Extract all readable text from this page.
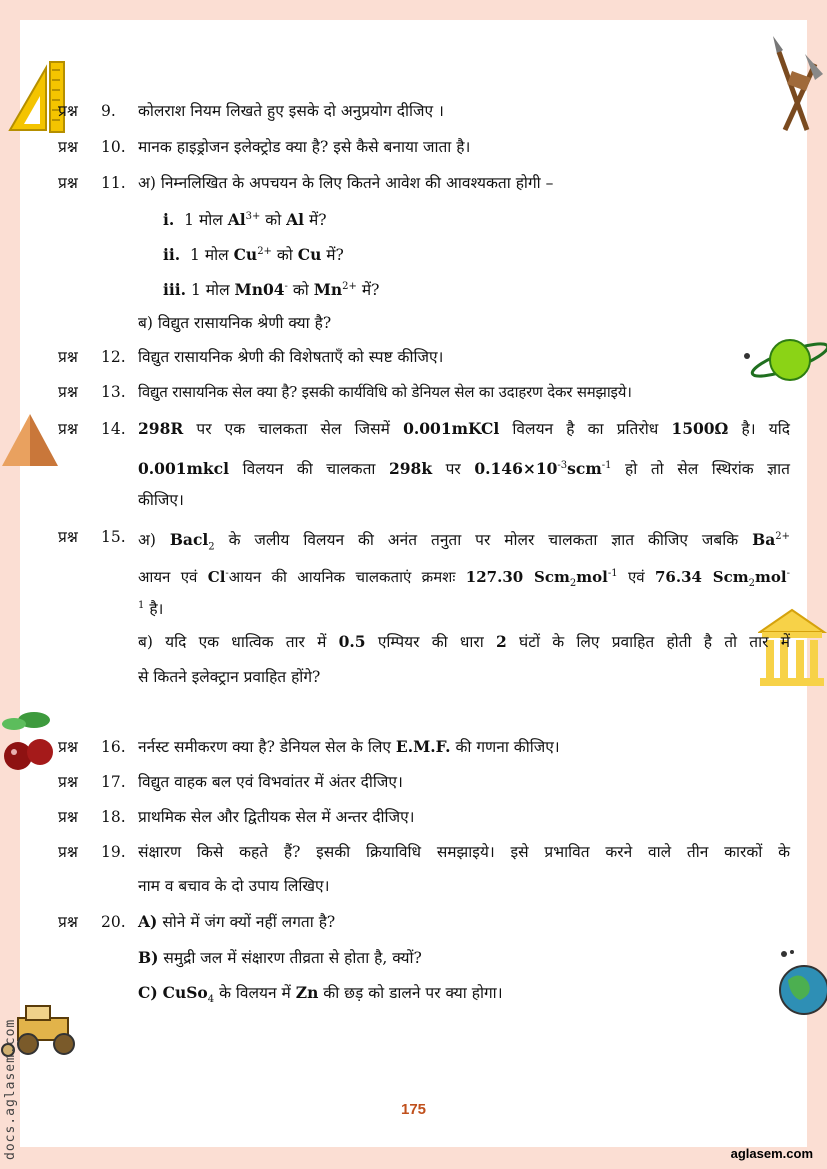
प्रश्न 9. कोलराश नियम लिखते हुए इसके दो अनुप्रयोग दीजिए ।
प्रश्न 10. मानक हाइड्रोजन इलेक्ट्रोड क्या है? इसे कैसे बनाया जाता है।
प्रश्न 11. अ) निम्नलिखित के अपचयन के लिए कितने आवेश की आवश्यकता होगी –
i. 1 मोल $Al^{3+}$ को Al में?
ii. 1 मोल $Cu^{2+}$ को Cu में?
iii. 1 मोल Mn04- को $Mn^{2+}$ में?
ब) विद्युत रासायनिक श्रेणी क्या है?
प्रश्न 12. विद्युत रासायनिक श्रेणी की विशेषताएँ को स्पष्ट कीजिए।
प्रश्न 13. विद्युत रासायनिक सेल क्या है? इसकी कार्यविधि को डेनियल सेल का उदाहरण देकर समझाइये।
प्रश्न 14. 298R पर एक चालकता सेल जिसमें 0.001mKCl विलयन है का प्रतिरोध 1500Ω है। यदि
0.001mkcl विलयन की चालकता 298k पर $0.146\times 10^{-3}scm^{-1}$ हो तो सेल स्थिरांक ज्ञात
कीजिए।
प्रश्न 15. अ) Bacl$_2$ के जलीय विलयन की अनंत तनुता पर मोलर चालकता ज्ञात कीजिए जबकि $Ba^{2+}$
आयन एवं Cl-आयन की आयनिक चालकताएं क्रमशः 127.30 Scm$_2$mol$^{-1}$ एवं 76.34 Scm$_2$mol-
$^1$ है।
ब) यदि एक धात्विक तार में 0.5 एम्पियर की धारा 2 घंटों के लिए प्रवाहित होती है तो तार में
से कितने इलेक्ट्रान प्रवाहित होंगे?
प्रश्न 16. नर्नस्ट समीकरण क्या है? डेनियल सेल के लिए E.M.F. की गणना कीजिए।
प्रश्न 17. विद्युत वाहक बल एवं विभवांतर में अंतर दीजिए।
प्रश्न 18. प्राथमिक सेल और द्वितीयक सेल में अन्तर दीजिए।
प्रश्न 19. संक्षारण किसे कहते हैं? इसकी क्रियाविधि समझाइये। इसे प्रभावित करने वाले तीन कारकों के
नाम व बचाव के दो उपाय लिखिए।
प्रश्न 20. A) सोने में जंग क्यों नहीं लगता है?
B) समुद्री जल में संक्षारण तीव्रता से होता है, क्यों?
C) CuSo$_4$ के विलयन में Zn की छड़ को डालने पर क्या होगा।
175
aglasem.com
docs.aglasem.com
